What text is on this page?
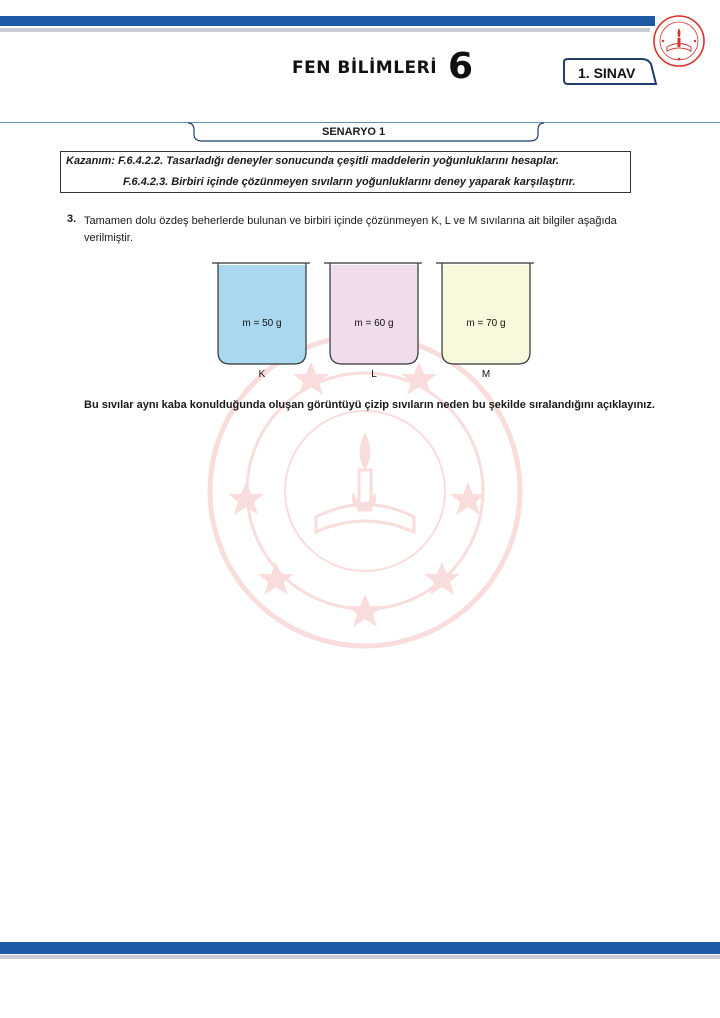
FEN BİLİMLERİ 6	1. SINAV
SENARYO 1
Kazanım: F.6.4.2.2. Tasarladığı deneyler sonucunda çeşitli maddelerin yoğunluklarını hesaplar.
F.6.4.2.3. Birbiri içinde çözünmeyen sıvıların yoğunluklarını deney yaparak karşılaştırır.
3. Tamamen dolu özdeş beherlerde bulunan ve birbiri içinde çözünmeyen K, L ve M sıvılarına ait bilgiler aşağıda verilmiştir.
m = 50 g
K
m = 60 g
L
m = 70 g
M
Bu sıvılar aynı kaba konulduğunda oluşan görüntüyü çizip sıvıların neden bu şekilde sıralandığını açıklayınız.
